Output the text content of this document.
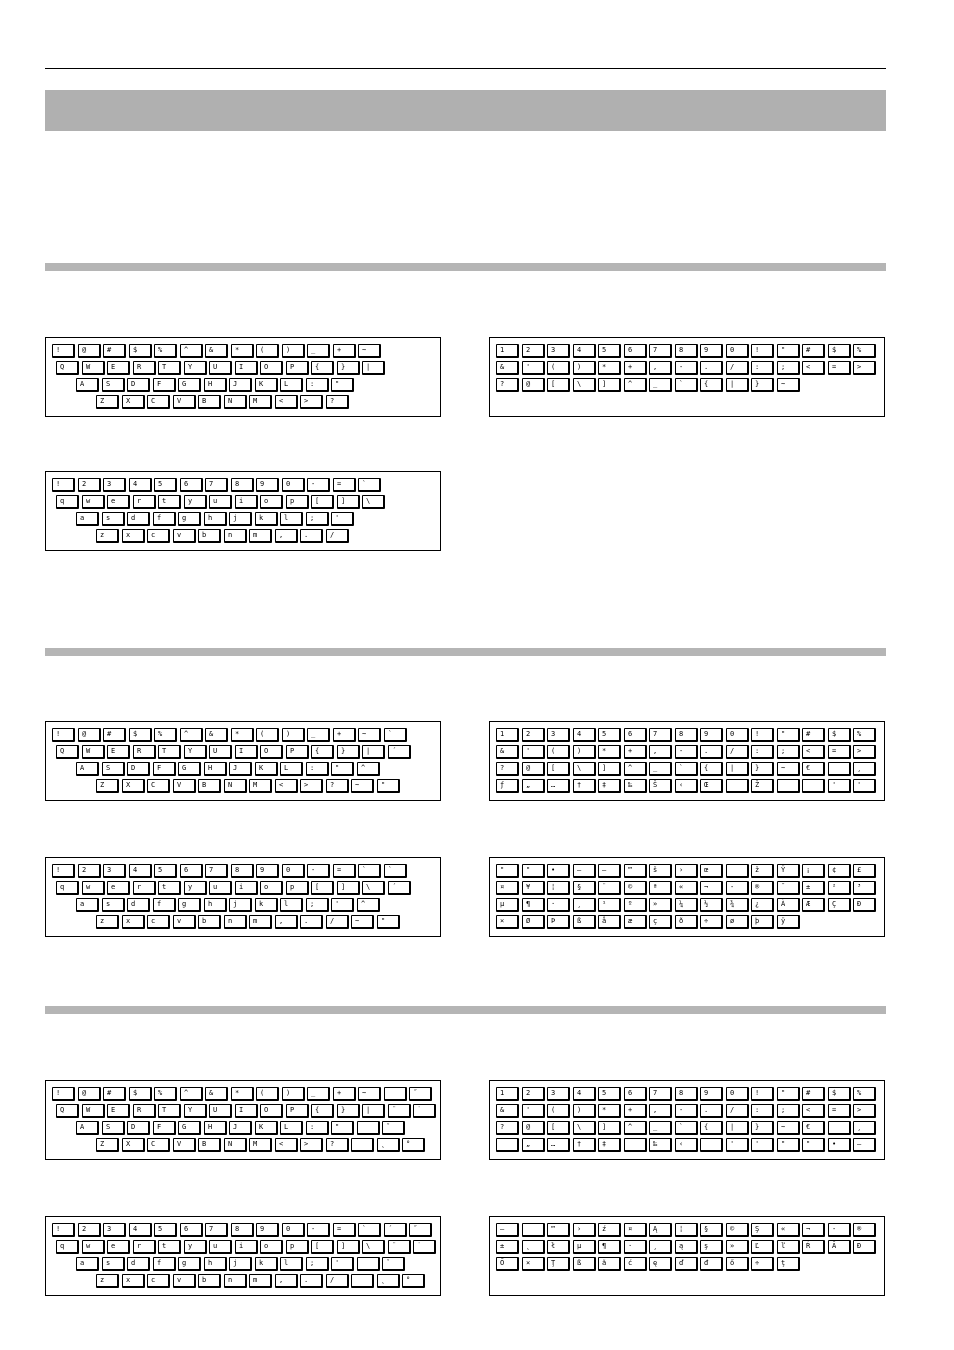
!	@	#	$	%	^	&	*	(	)	_	+	~
Q	W	E	R	T	Y	U	I	O	P	{	}	|
A	S	D	F	G	H	J	K	L	:	"
Z	X	C	V	B	N	M	<	>	?
1	2	3	4	5	6	7	8	9	0	!	"	#	$	%
&	'	(	)	*	+	,	-	.	/	:	;	<	=	>
?	@	[	\	]	^	_	`	{	|	}	~
!	2	3	4	5	6	7	8	9	0	-	=	`
q	w	e	r	t	y	u	i	o	p	[	]	\
a	s	d	f	g	h	j	k	l	;	'
z	x	c	v	b	n	m	,	.	/
!	@	#	$	%	^	&	*	(	)	_	+	~	`
Q	W	E	R	T	Y	U	I	O	P	{	}	|	´
A	S	D	F	G	H	J	K	L	:	"	^
Z	X	C	V	B	N	M	<	>	?	~	"
1	2	3	4	5	6	7	8	9	0	!	"	#	$	%
&	'	(	)	*	+	,	-	.	/	:	;	<	=	>
?	@	[	\	]	^	_	`	{	|	}	~	€	¸
ƒ	„	…	†	‡	‰	Š	‹	Œ	Ž	'	'
!	2	3	4	5	6	7	8	9	0	-	=	`	`
q	w	e	r	t	y	u	i	o	p	[	]	\	´
a	s	d	f	g	h	j	k	l	;	'	^
z	x	c	v	b	n	m	,	.	/	~	"
"	"	•	–	—	™	š	›	œ	ž	Ÿ	¡	¢	£
¤	¥	¦	§	¨	©	ª	«	¬	-	®	¯	±	²	³
µ	¶	·	¸	¹	º	»	¼	½	¾	¿	À	Æ	Ç	Ð
×	Ø	Þ	ß	å	æ	ç	ð	÷	ø	þ	ÿ
!	@	#	$	%	^	&	*	(	)	_	+	~	˝
Q	W	E	R	T	Y	U	I	O	P	{	}	|	¨	˙
A	S	D	F	G	H	J	K	L	:	"	ˇ
Z	X	C	V	B	N	M	<	>	?	˛	°
1	2	3	4	5	6	7	8	9	0	!	"	#	$	%
&	'	(	)	*	+	,	-	.	/	:	;	<	=	>
?	@	[	\	]	^	_	`	{	|	}	~	€	¸
„	…	†	‡	‰	‹	'	'	"	"	•	–
!	2	3	4	5	6	7	8	9	0	-	=	`	´	˝
q	w	e	r	t	y	u	i	o	p	[	]	\	¨	˙
a	s	d	f	g	h	j	k	l	;	'	ˇ
z	x	c	v	b	n	m	,	.	/	˛	°
—	™	›	ź	¤	Ą	¦	§	©	Ş	«	¬	-	®
±	˛	ł	µ	¶	·	¸	ą	ş	»	Ľ	ľ	Ŕ	Ă	Đ
Ő	×	Ţ	ß	ă	ć	ę	ď	đ	ő	÷	ţ
